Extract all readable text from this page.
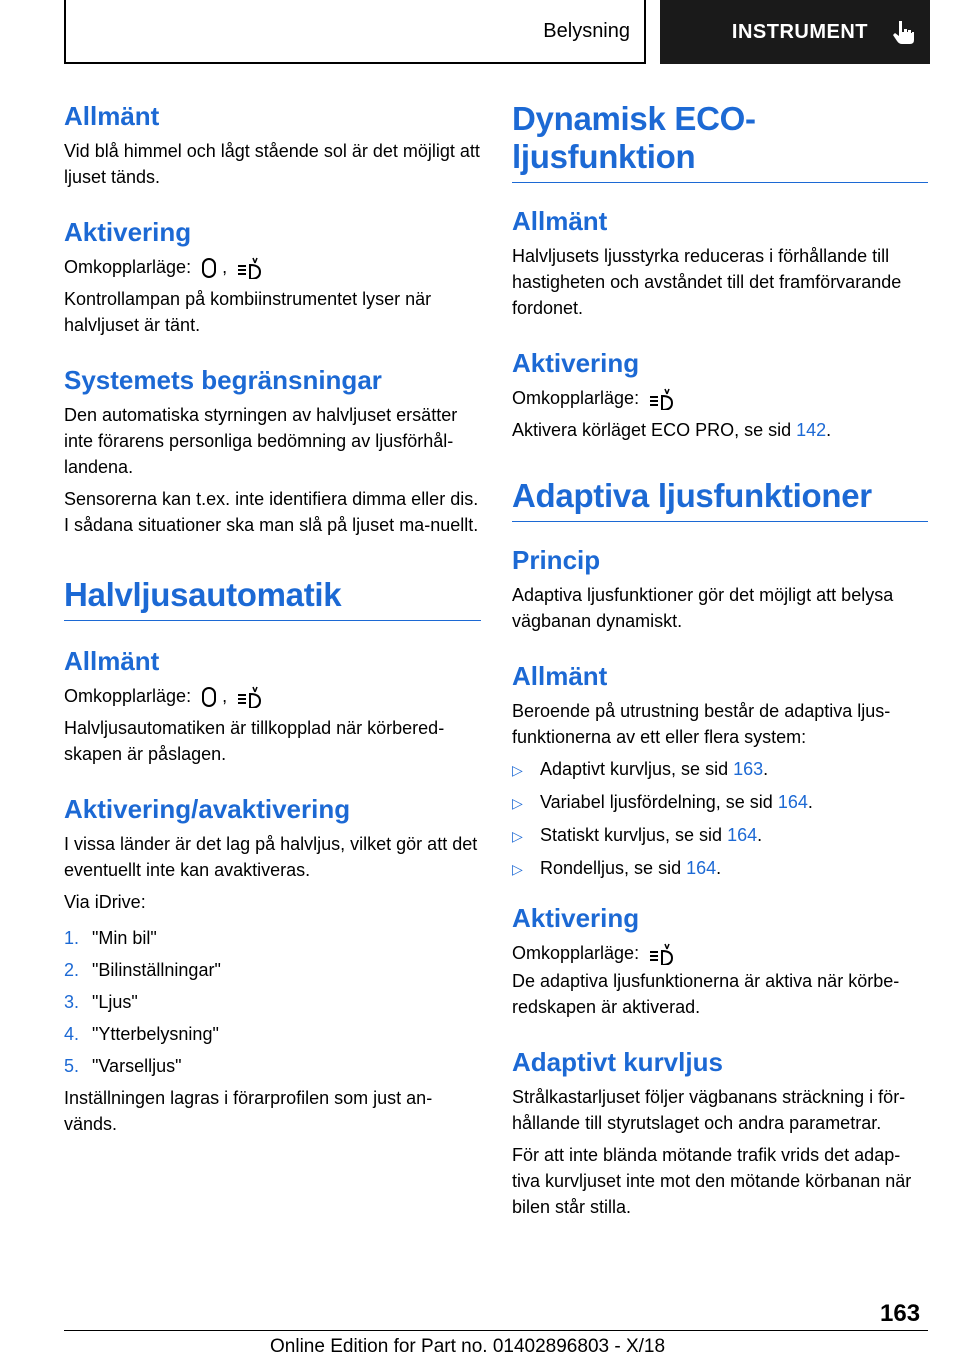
Belysning	INSTRUMENT
Allmänt

Vid blå himmel och lågt stående sol är det möjligt att ljuset tänds.

Aktivering

Omkopplarläge: ,

Kontrollampan på kombiinstrumentet lyser när halvljuset är tänt.

Systemets begränsningar

Den automatiska styrningen av halvljuset ersätter inte förarens personliga bedömning av ljusförhål-landena.

Sensorerna kan t.ex. inte identifiera dimma eller dis. I sådana situationer ska man slå på ljuset ma-nuellt.

Halvljusautomatik
Allmänt

Omkopplarläge: ,

Halvljusautomatiken är tillkopplad när körbered-skapen är påslagen.

Aktivering/avaktivering

I vissa länder är det lag på halvljus, vilket gör att det eventuellt inte kan avaktiveras.

Via iDrive:

1. "Min bil"
2. "Bilinställningar"
3. "Ljus"
4. "Ytterbelysning"
5. "Varselljus"

Inställningen lagras i förarprofilen som just an-vänds.

Dynamisk ECO-ljusfunktion
Allmänt

Halvljusets ljusstyrka reduceras i förhållande till hastigheten och avståndet till det framförvarande fordonet.

Aktivering

Omkopplarläge:

Aktivera körläget ECO PRO, se sid 142.

Adaptiva ljusfunktioner
Princip

Adaptiva ljusfunktioner gör det möjligt att belysa vägbanan dynamiskt.

Allmänt

Beroende på utrustning består de adaptiva ljus-funktionerna av ett eller flera system:

▷ Adaptivt kurvljus, se sid 163.
▷ Variabel ljusfördelning, se sid 164.
▷ Statiskt kurvljus, se sid 164.
▷ Rondelljus, se sid 164.
Aktivering

Omkopplarläge:

De adaptiva ljusfunktionerna är aktiva när körbe-redskapen är aktiverad.

Adaptivt kurvljus

Strålkastarljuset följer vägbanans sträckning i för-hållande till styrutslaget och andra parametrar.

För att inte blända mötande trafik vrids det adap-tiva kurvljuset inte mot den mötande körbanan när bilen står stilla.

163
Online Edition for Part no. 01402896803 - X/18
